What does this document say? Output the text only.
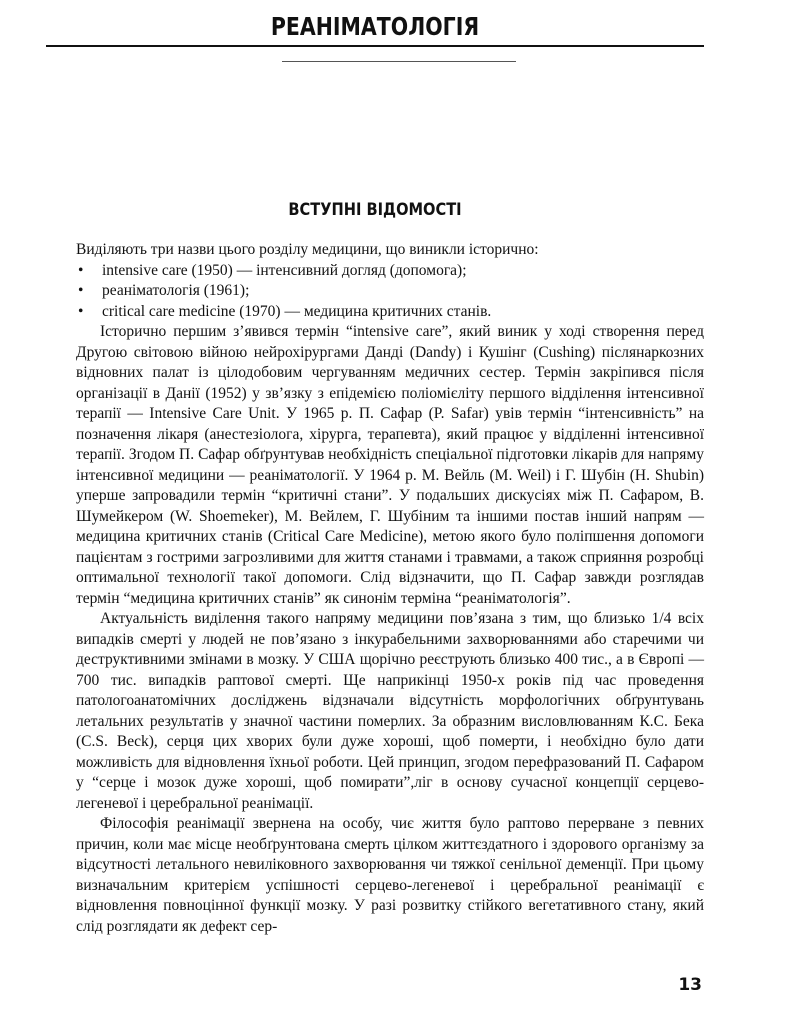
РЕАНІМАТОЛОГІЯ
ВСТУПНІ ВІДОМОСТІ

Виділяють три назви цього розділу медицини, що виникли історично:

• intensive care (1950) — інтенсивний догляд (допомога);
• реаніматологія (1961);
• critical care medicine (1970) — медицина критичних станів.

Історично першим з’явився термін “intensive care”, який виник у ході створення перед Другою світовою війною нейрохірургами Данді (Dandy) і Кушінг (Cushing) післянаркозних відновних палат із цілодобовим чергуванням медичних сестер. Термін закріпився після організації в Данії (1952) у зв’язку з епідемією поліомієліту першого відділення інтенсивної терапії — Intensive Care Unit. У 1965 р. П. Сафар (P. Safar) увів термін “інтенсивність” на позначення лікаря (анестезіолога, хірурга, терапевта), який працює у відділенні інтенсивної терапії. Згодом П. Сафар обґрунтував необхідність спеціальної підготовки лікарів для напряму інтенсивної медицини — реаніматології. У 1964 р. М. Вейль (M. Weil) і Г. Шубін (H. Shubin) уперше запровадили термін “критичні стани”. У подальших дискусіях між П. Сафаром, В. Шумейкером (W. Shoemeker), М. Вейлем, Г. Шубіним та іншими постав інший напрям — медицина критичних станів (Critical Care Medicine), метою якого було поліпшення допомоги пацієнтам з гострими загрозливими для життя станами і травмами, а також сприяння розробці оптимальної технології такої допомоги. Слід відзначити, що П. Сафар завжди розглядав термін “медицина критичних станів” як синонім терміна “реаніматологія”.

Актуальність виділення такого напряму медицини пов’язана з тим, що близько 1/4 всіх випадків смерті у людей не пов’язано з інкурабельними захворюваннями або старечими чи деструктивними змінами в мозку. У США щорічно реєструють близько 400 тис., а в Європі — 700 тис. випадків раптової смерті. Ще наприкінці 1950-х років під час проведення патологоанатомічних досліджень відзначали відсутність морфологічних обґрунтувань летальних результатів у значної частини померлих. За образним висловлюванням К.С. Бека (C.S. Beck), серця цих хворих були дуже хороші, щоб померти, і необхідно було дати можливість для відновлення їхньої роботи. Цей принцип, згодом перефразований П. Сафаром у “серце і мозок дуже хороші, щоб помирати”,ліг в основу сучасної концепції серцево-легеневої і церебральної реанімації.

Філософія реанімації звернена на особу, чиє життя було раптово перерване з певних причин, коли має місце необґрунтована смерть цілком життєздатного і здорового організму за відсутності летального невиліковного захворювання чи тяжкої сенільної деменції. При цьому визначальним критерієм успішності серцево-легеневої і церебральної реанімації є відновлення повноцінної функції мозку. У разі розвитку стійкого вегетативного стану, який слід розглядати як дефект сер-

13
